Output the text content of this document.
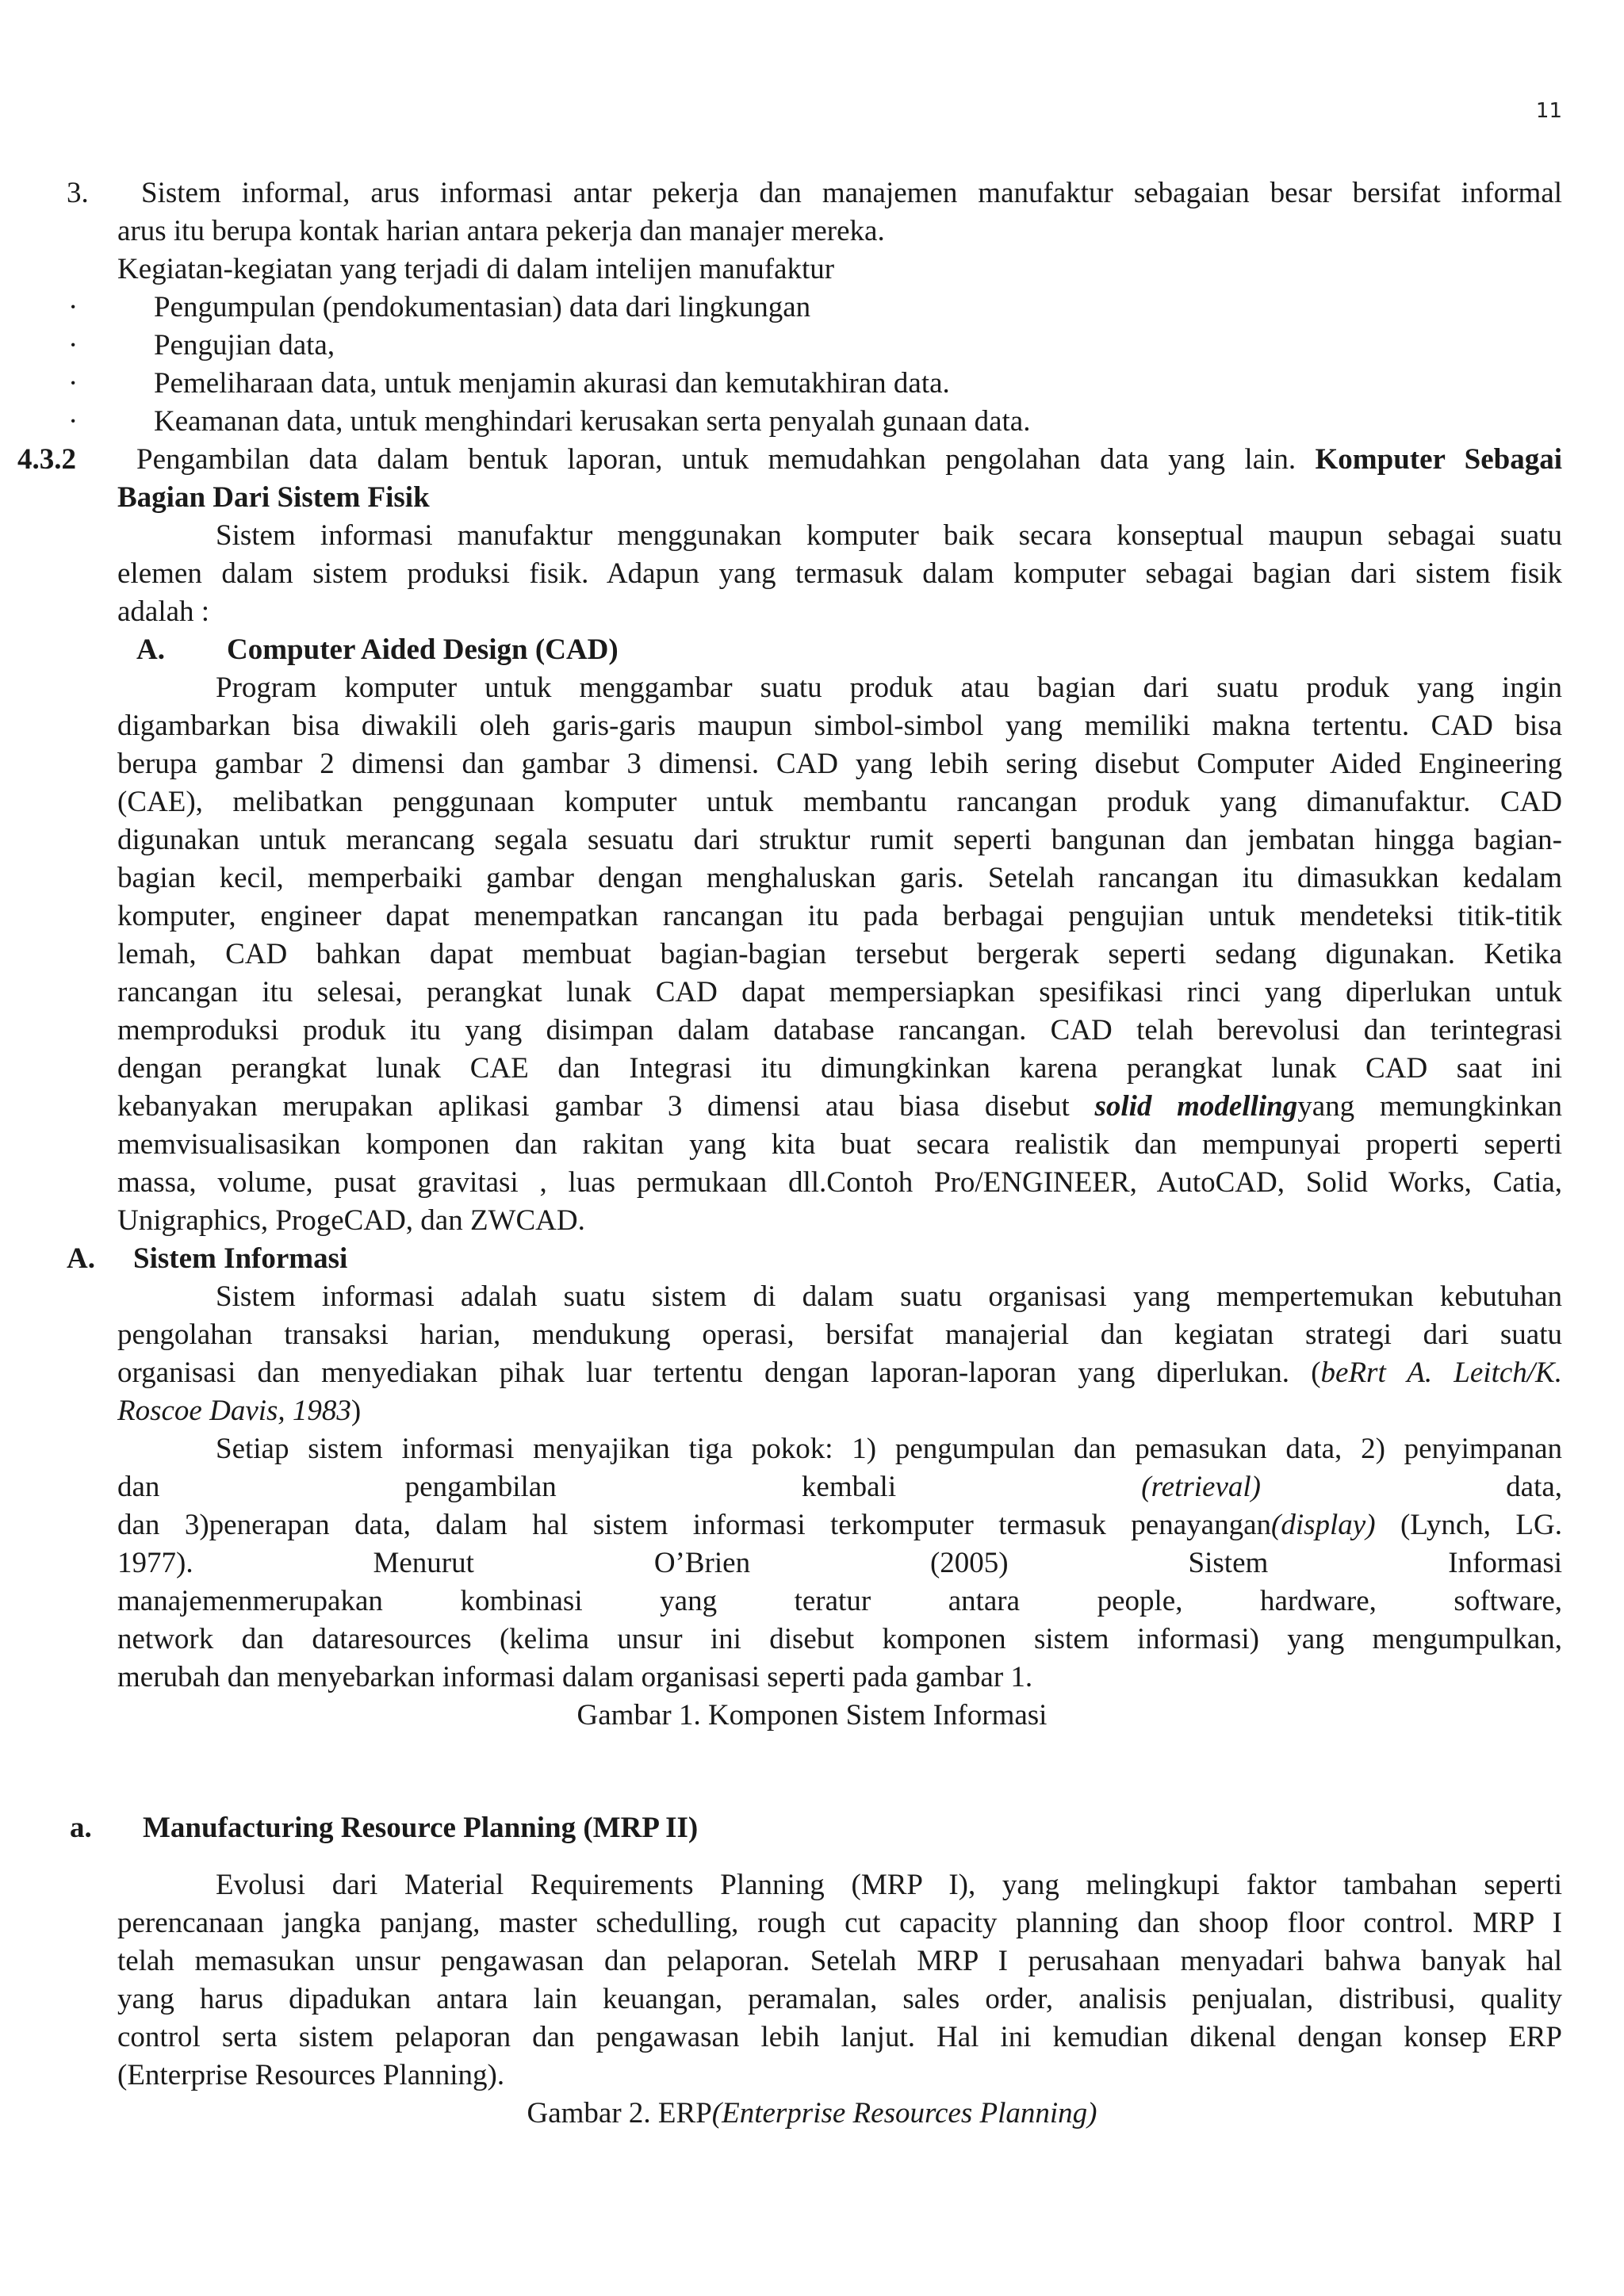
11
3. Sistem informal, arus informasi antar pekerja dan manajemen manufaktur sebagaian besar bersifat informal
arus itu berupa kontak harian antara pekerja dan manajer mereka.
Kegiatan-kegiatan yang terjadi di dalam intelijen manufaktur
·	Pengumpulan (pendokumentasian) data dari lingkungan
·	Pengujian data,
·	Pemeliharaan data, untuk menjamin akurasi dan kemutakhiran data.
·	Keamanan data, untuk menghindari kerusakan serta penyalah gunaan data.
4.3.2 Pengambilan data dalam bentuk laporan, untuk memudahkan pengolahan data yang lain. Komputer Sebagai
Bagian Dari Sistem Fisik
Sistem informasi manufaktur menggunakan komputer baik secara konseptual maupun sebagai suatu
elemen dalam sistem produksi fisik. Adapun yang termasuk dalam komputer sebagai bagian dari sistem fisik
adalah :
A. Computer Aided Design (CAD)
Program komputer untuk menggambar suatu produk atau bagian dari suatu produk yang ingin
digambarkan bisa diwakili oleh garis-garis maupun simbol-simbol yang memiliki makna tertentu. CAD bisa
berupa gambar 2 dimensi dan gambar 3 dimensi. CAD yang lebih sering disebut Computer Aided Engineering
(CAE), melibatkan penggunaan komputer untuk membantu rancangan produk yang dimanufaktur. CAD
digunakan untuk merancang segala sesuatu dari struktur rumit seperti bangunan dan jembatan hingga bagian-
bagian kecil, memperbaiki gambar dengan menghaluskan garis. Setelah rancangan itu dimasukkan kedalam
komputer, engineer dapat menempatkan rancangan itu pada berbagai pengujian untuk mendeteksi titik-titik
lemah, CAD bahkan dapat membuat bagian-bagian tersebut bergerak seperti sedang digunakan. Ketika
rancangan itu selesai, perangkat lunak CAD dapat mempersiapkan spesifikasi rinci yang diperlukan untuk
memproduksi produk itu yang disimpan dalam database rancangan. CAD telah berevolusi dan terintegrasi
dengan perangkat lunak CAE dan Integrasi itu dimungkinkan karena perangkat lunak CAD saat ini
kebanyakan merupakan aplikasi gambar 3 dimensi atau biasa disebut solid modellingyang memungkinkan
memvisualisasikan komponen dan rakitan yang kita buat secara realistik dan mempunyai properti seperti
massa, volume, pusat gravitasi , luas permukaan dll.Contoh Pro/ENGINEER, AutoCAD, Solid Works, Catia,
Unigraphics, ProgeCAD, dan ZWCAD.
A. Sistem Informasi
Sistem informasi adalah suatu sistem di dalam suatu organisasi yang mempertemukan kebutuhan
pengolahan transaksi harian, mendukung operasi, bersifat manajerial dan kegiatan strategi dari suatu
organisasi dan menyediakan pihak luar tertentu dengan laporan-laporan yang diperlukan. (beRrt A. Leitch/K.
Roscoe Davis, 1983)
Setiap sistem informasi menyajikan tiga pokok: 1) pengumpulan dan pemasukan data, 2) penyimpanan
dan	pengambilan	kembali	(retrieval)	data,
dan 3)penerapan data, dalam hal sistem informasi terkomputer termasuk penayangan(display) (Lynch, LG.
1977).	Menurut	O’Brien	(2005)	Sistem	Informasi
manajemenmerupakan	kombinasi	yang	teratur	antara	people,	hardware,	software,
network dan dataresources (kelima unsur ini disebut komponen sistem informasi) yang mengumpulkan,
merubah dan menyebarkan informasi dalam organisasi seperti pada gambar 1.
Gambar 1. Komponen Sistem Informasi
a. Manufacturing Resource Planning (MRP II)
Evolusi dari Material Requirements Planning (MRP I), yang melingkupi faktor tambahan seperti
perencanaan jangka panjang, master schedulling, rough cut capacity planning dan shoop floor control. MRP I
telah memasukan unsur pengawasan dan pelaporan. Setelah MRP I perusahaan menyadari bahwa banyak hal
yang harus dipadukan antara lain keuangan, peramalan, sales order, analisis penjualan, distribusi, quality
control serta sistem pelaporan dan pengawasan lebih lanjut. Hal ini kemudian dikenal dengan konsep ERP
(Enterprise Resources Planning).
Gambar 2. ERP(Enterprise Resources Planning)
